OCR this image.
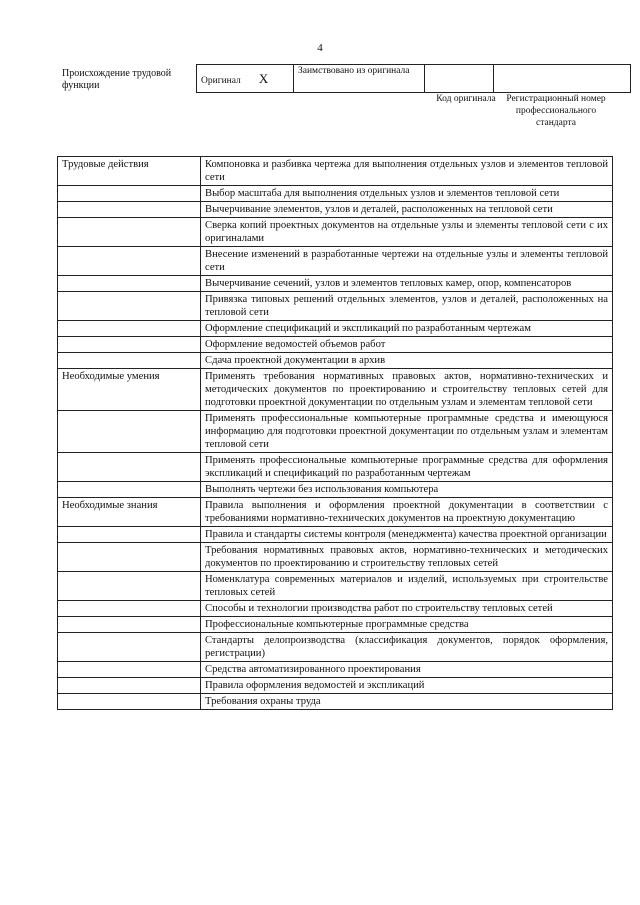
4
Происхождение трудовой функции	Оригинал X	Заимствовано из оригинала		
Код оригинала Регистрационный номер профессионального стандарта
Трудовые действия	Компоновка и разбивка чертежа для выполнения отдельных узлов и элементов тепловой сети
	Выбор масштаба для выполнения отдельных узлов и элементов тепловой сети
	Вычерчивание элементов, узлов и деталей, расположенных на тепловой сети
	Сверка копий проектных документов на отдельные узлы и элементы тепловой сети с их оригиналами
	Внесение изменений в разработанные чертежи на отдельные узлы и элементы тепловой сети
	Вычерчивание сечений, узлов и элементов тепловых камер, опор, компенсаторов
	Привязка типовых решений отдельных элементов, узлов и деталей, расположенных на тепловой сети
	Оформление спецификаций и экспликаций по разработанным чертежам
	Оформление ведомостей объемов работ
	Сдача проектной документации в архив
Необходимые умения	Применять требования нормативных правовых актов, нормативно-технических и методических документов по проектированию и строительству тепловых сетей для подготовки проектной документации по отдельным узлам и элементам тепловой сети
	Применять профессиональные компьютерные программные средства и имеющуюся информацию для подготовки проектной документации по отдельным узлам и элементам тепловой сети
	Применять профессиональные компьютерные программные средства для оформления экспликаций и спецификаций по разработанным чертежам
	Выполнять чертежи без использования компьютера
Необходимые знания	Правила выполнения и оформления проектной документации в соответствии с требованиями нормативно-технических документов на проектную документацию
	Правила и стандарты системы контроля (менеджмента) качества проектной организации
	Требования нормативных правовых актов, нормативно-технических и методических документов по проектированию и строительству тепловых сетей
	Номенклатура современных материалов и изделий, используемых при строительстве тепловых сетей
	Способы и технологии производства работ по строительству тепловых сетей
	Профессиональные компьютерные программные средства
	Стандарты делопроизводства (классификация документов, порядок оформления, регистрации)
	Средства автоматизированного проектирования
	Правила оформления ведомостей и экспликаций
	Требования охраны труда
